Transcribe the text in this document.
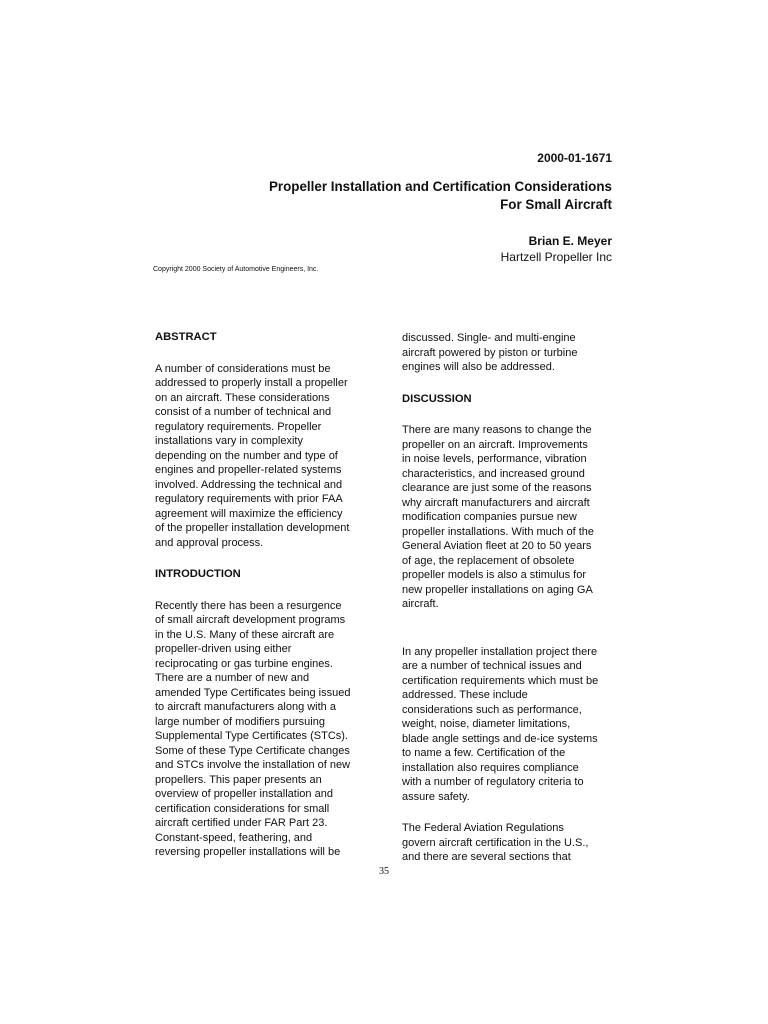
2000-01-1671

Propeller Installation and Certification Considerations
For Small Aircraft
Brian E. Meyer
Hartzell Propeller Inc

Copyright 2000 Society of Automotive Engineers, Inc.

ABSTRACT

A number of considerations must be
addressed to properly install a propeller
on an aircraft. These considerations
consist of a number of technical and
regulatory requirements. Propeller
installations vary in complexity
depending on the number and type of
engines and propeller-related systems
involved. Addressing the technical and
regulatory requirements with prior FAA
agreement will maximize the efficiency
of the propeller installation development
and approval process.

INTRODUCTION

Recently there has been a resurgence
of small aircraft development programs
in the U.S. Many of these aircraft are
propeller-driven using either
reciprocating or gas turbine engines.
There are a number of new and
amended Type Certificates being issued
to aircraft manufacturers along with a
large number of modifiers pursuing
Supplemental Type Certificates (STCs).
Some of these Type Certificate changes
and STCs involve the installation of new
propellers. This paper presents an
overview of propeller installation and
certification considerations for small
aircraft certified under FAR Part 23.
Constant-speed, feathering, and
reversing propeller installations will be

discussed. Single- and multi-engine
aircraft powered by piston or turbine
engines will also be addressed.

DISCUSSION

There are many reasons to change the
propeller on an aircraft. Improvements
in noise levels, performance, vibration
characteristics, and increased ground
clearance are just some of the reasons
why aircraft manufacturers and aircraft
modification companies pursue new
propeller installations. With much of the
General Aviation fleet at 20 to 50 years
of age, the replacement of obsolete
propeller models is also a stimulus for
new propeller installations on aging GA
aircraft.

In any propeller installation project there
are a number of technical issues and
certification requirements which must be
addressed. These include
considerations such as performance,
weight, noise, diameter limitations,
blade angle settings and de-ice systems
to name a few. Certification of the
installation also requires compliance
with a number of regulatory criteria to
assure safety.

The Federal Aviation Regulations
govern aircraft certification in the U.S.,
and there are several sections that

35
